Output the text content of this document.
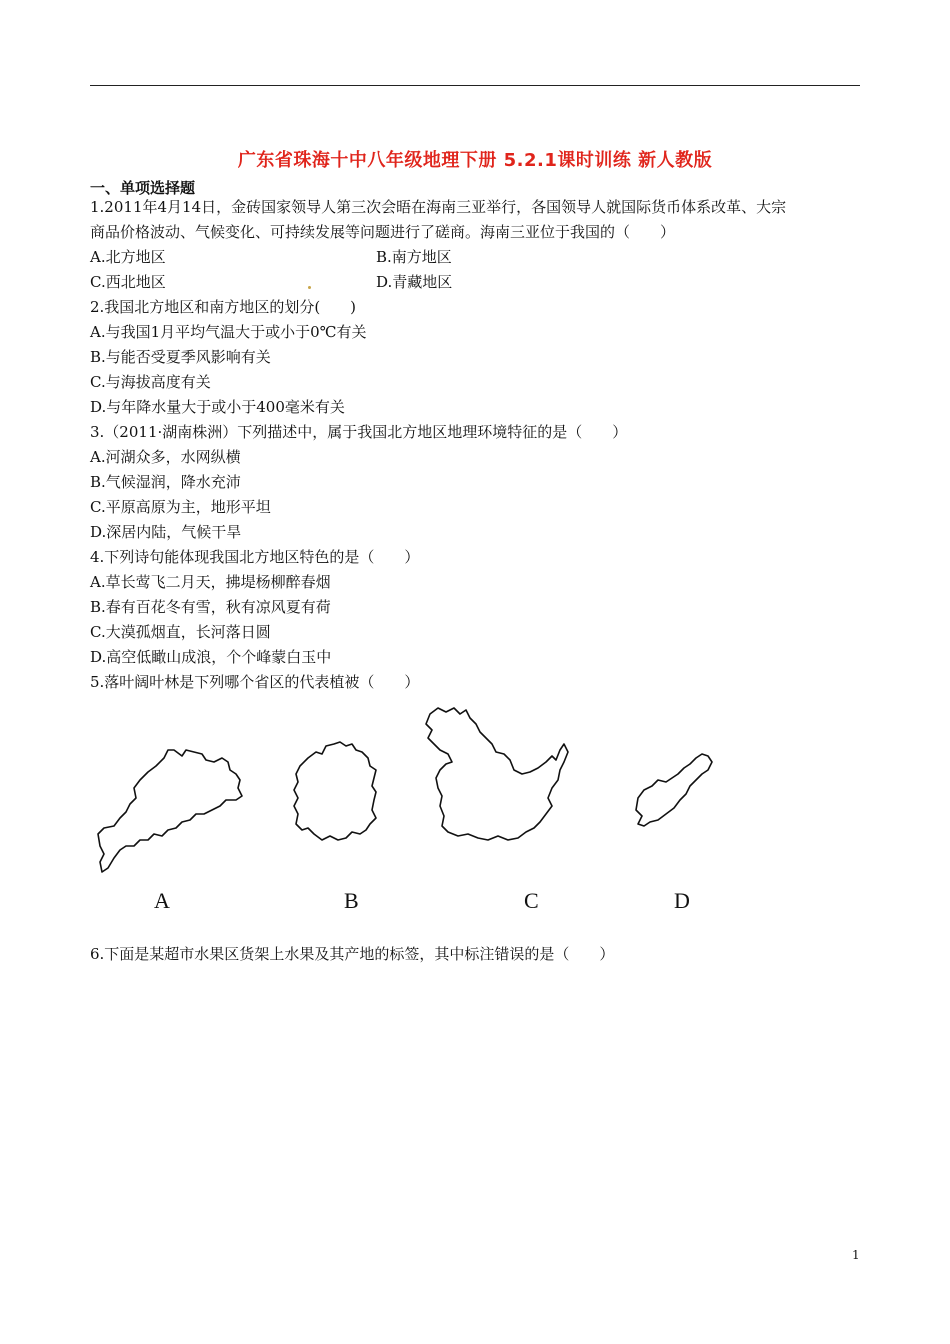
广东省珠海十中八年级地理下册 5.2.1课时训练 新人教版
一、单项选择题
1.2011年4月14日，金砖国家领导人第三次会晤在海南三亚举行，各国领导人就国际货币体系改革、大宗
商品价格波动、气候变化、可持续发展等问题进行了磋商。海南三亚位于我国的（　　）
A.北方地区	B.南方地区
C.西北地区	D.青藏地区
2.我国北方地区和南方地区的划分(　　)
A.与我国1月平均气温大于或小于0℃有关
B.与能否受夏季风影响有关
C.与海拔高度有关
D.与年降水量大于或小于400毫米有关
3.（2011·湖南株洲）下列描述中，属于我国北方地区地理环境特征的是（　　）
A.河湖众多，水网纵横
B.气候湿润，降水充沛
C.平原高原为主，地形平坦
D.深居内陆，气候干旱
4.下列诗句能体现我国北方地区特色的是（　　）
A.草长莺飞二月天，拂堤杨柳醉春烟
B.春有百花冬有雪，秋有凉风夏有荷
C.大漠孤烟直，长河落日圆
D.高空低瞰山成浪，个个峰蒙白玉中
5.落叶阔叶林是下列哪个省区的代表植被（　　）
A	B	C	D
6.下面是某超市水果区货架上水果及其产地的标签，其中标注错误的是（　　）
1
